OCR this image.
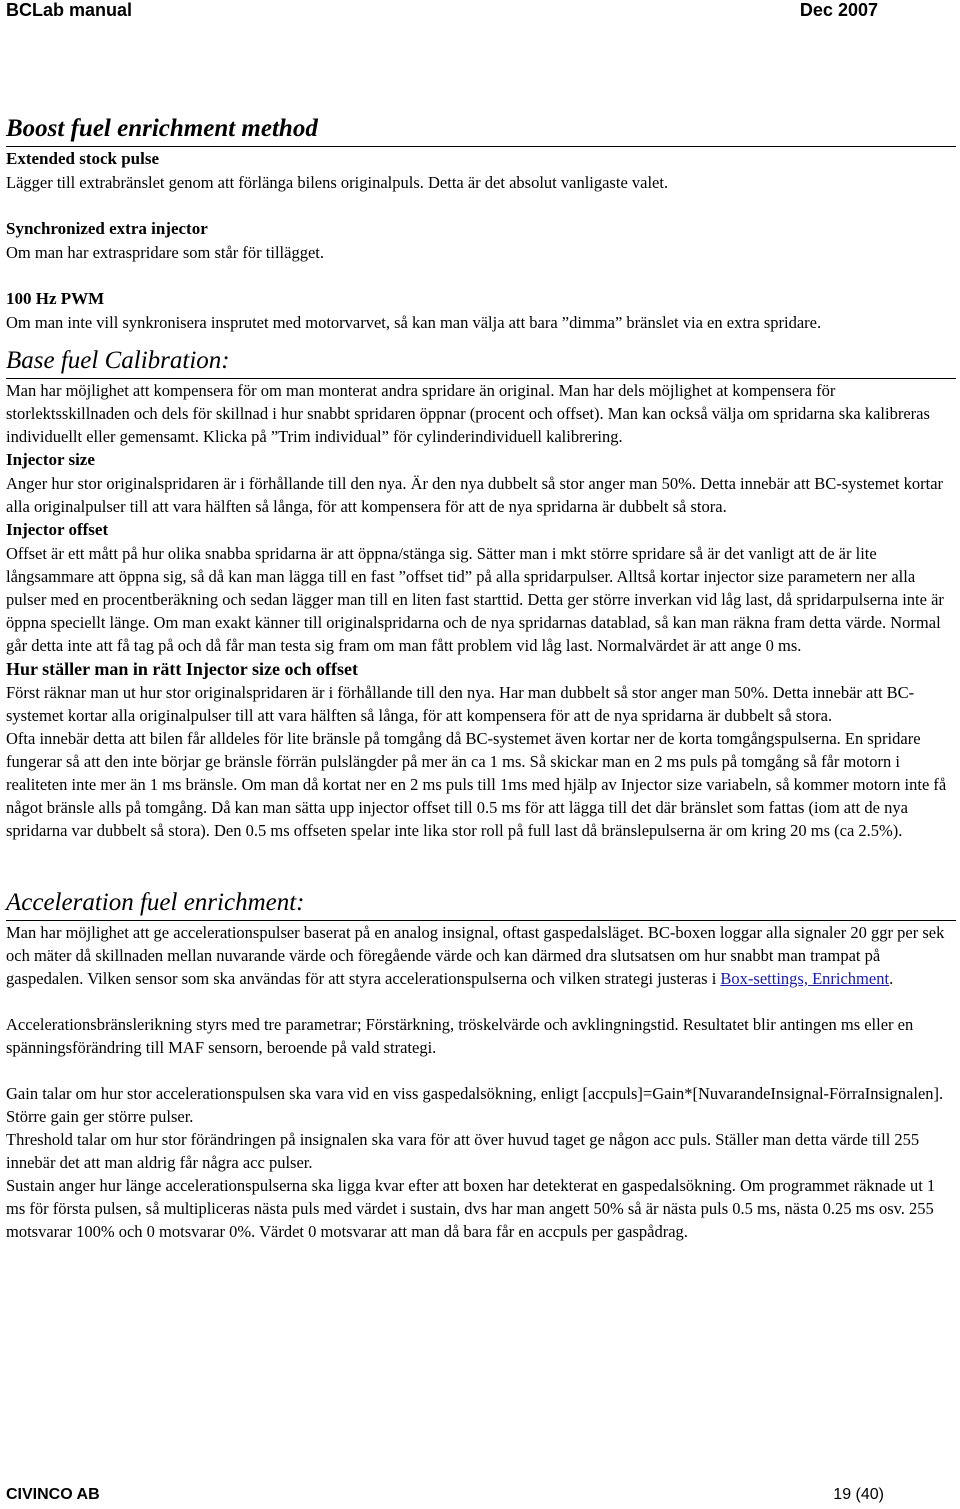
BCLab manual	Dec 2007
Boost fuel enrichment method
Extended stock pulse

Lägger till extrabränslet genom att förlänga bilens originalpuls. Detta är det absolut vanligaste valet.

Synchronized extra injector

Om man har extraspridare som står för tillägget.

100 Hz PWM

Om man inte vill synkronisera insprutet med motorvarvet, så kan man välja att bara ”dimma” bränslet via en extra spridare.

Base fuel Calibration:

Man har möjlighet att kompensera för om man monterat andra spridare än original. Man har dels möjlighet at kompensera för storlektsskillnaden och dels för skillnad i hur snabbt spridaren öppnar (procent och offset). Man kan också välja om spridarna ska kalibreras individuellt eller gemensamt. Klicka på ”Trim individual” för cylinderindividuell kalibrering.

Injector size

Anger hur stor originalspridaren är i förhållande till den nya. Är den nya dubbelt så stor anger man 50%. Detta innebär att BC-systemet kortar alla originalpulser till att vara hälften så långa, för att kompensera för att de nya spridarna är dubbelt så stora.

Injector offset

Offset är ett mått på hur olika snabba spridarna är att öppna/stänga sig. Sätter man i mkt större spridare så är det vanligt att de är lite långsammare att öppna sig, så då kan man lägga till en fast ”offset tid” på alla spridarpulser. Alltså kortar injector size parametern ner alla pulser med en procentberäkning och sedan lägger man till en liten fast starttid. Detta ger större inverkan vid låg last, då spridarpulserna inte är öppna speciellt länge. Om man exakt känner till originalspridarna och de nya spridarnas datablad, så kan man räkna fram detta värde. Normal går detta inte att få tag på och då får man testa sig fram om man fått problem vid låg last. Normalvärdet är att ange 0 ms.

Hur ställer man in rätt Injector size och offset

Först räknar man ut hur stor originalspridaren är i förhållande till den nya. Har man dubbelt så stor anger man 50%. Detta innebär att BC-systemet kortar alla originalpulser till att vara hälften så långa, för att kompensera för att de nya spridarna är dubbelt så stora.

Ofta innebär detta att bilen får alldeles för lite bränsle på tomgång då BC-systemet även kortar ner de korta tomgångspulserna. En spridare fungerar så att den inte börjar ge bränsle förrän pulslängder på mer än ca 1 ms. Så skickar man en 2 ms puls på tomgång så får motorn i realiteten inte mer än 1 ms bränsle. Om man då kortat ner en 2 ms puls till 1ms med hjälp av Injector size variabeln, så kommer motorn inte få något bränsle alls på tomgång. Då kan man sätta upp injector offset till 0.5 ms för att lägga till det där bränslet som fattas (iom att de nya spridarna var dubbelt så stora). Den 0.5 ms offseten spelar inte lika stor roll på full last då bränslepulserna är om kring 20 ms (ca 2.5%).

Acceleration fuel enrichment:

Man har möjlighet att ge accelerationspulser baserat på en analog insignal, oftast gaspedalsläget. BC-boxen loggar alla signaler 20 ggr per sek och mäter då skillnaden mellan nuvarande värde och föregående värde och kan därmed dra slutsatsen om hur snabbt man trampat på gaspedalen. Vilken sensor som ska användas för att styra accelerationspulserna och vilken strategi justeras i Box-settings, Enrichment.

Accelerationsbränslerikning styrs med tre parametrar; Förstärkning, tröskelvärde och avklingningstid. Resultatet blir antingen ms eller en spänningsförändring till MAF sensorn, beroende på vald strategi.

Gain talar om hur stor accelerationspulsen ska vara vid en viss gaspedalsökning, enligt [accpuls]=Gain*[NuvarandeInsignal-FörraInsignalen]. Större gain ger större pulser.

Threshold talar om hur stor förändringen på insignalen ska vara för att över huvud taget ge någon acc puls. Ställer man detta värde till 255 innebär det att man aldrig får några acc pulser.

Sustain anger hur länge accelerationspulserna ska ligga kvar efter att boxen har detekterat en gaspedalsökning. Om programmet räknade ut 1 ms för första pulsen, så multipliceras nästa puls med värdet i sustain, dvs har man angett 50% så är nästa puls 0.5 ms, nästa 0.25 ms osv. 255 motsvarar 100% och 0 motsvarar 0%. Värdet 0 motsvarar att man då bara får en accpuls per gaspådrag.

CIVINCO AB	19 (40)
